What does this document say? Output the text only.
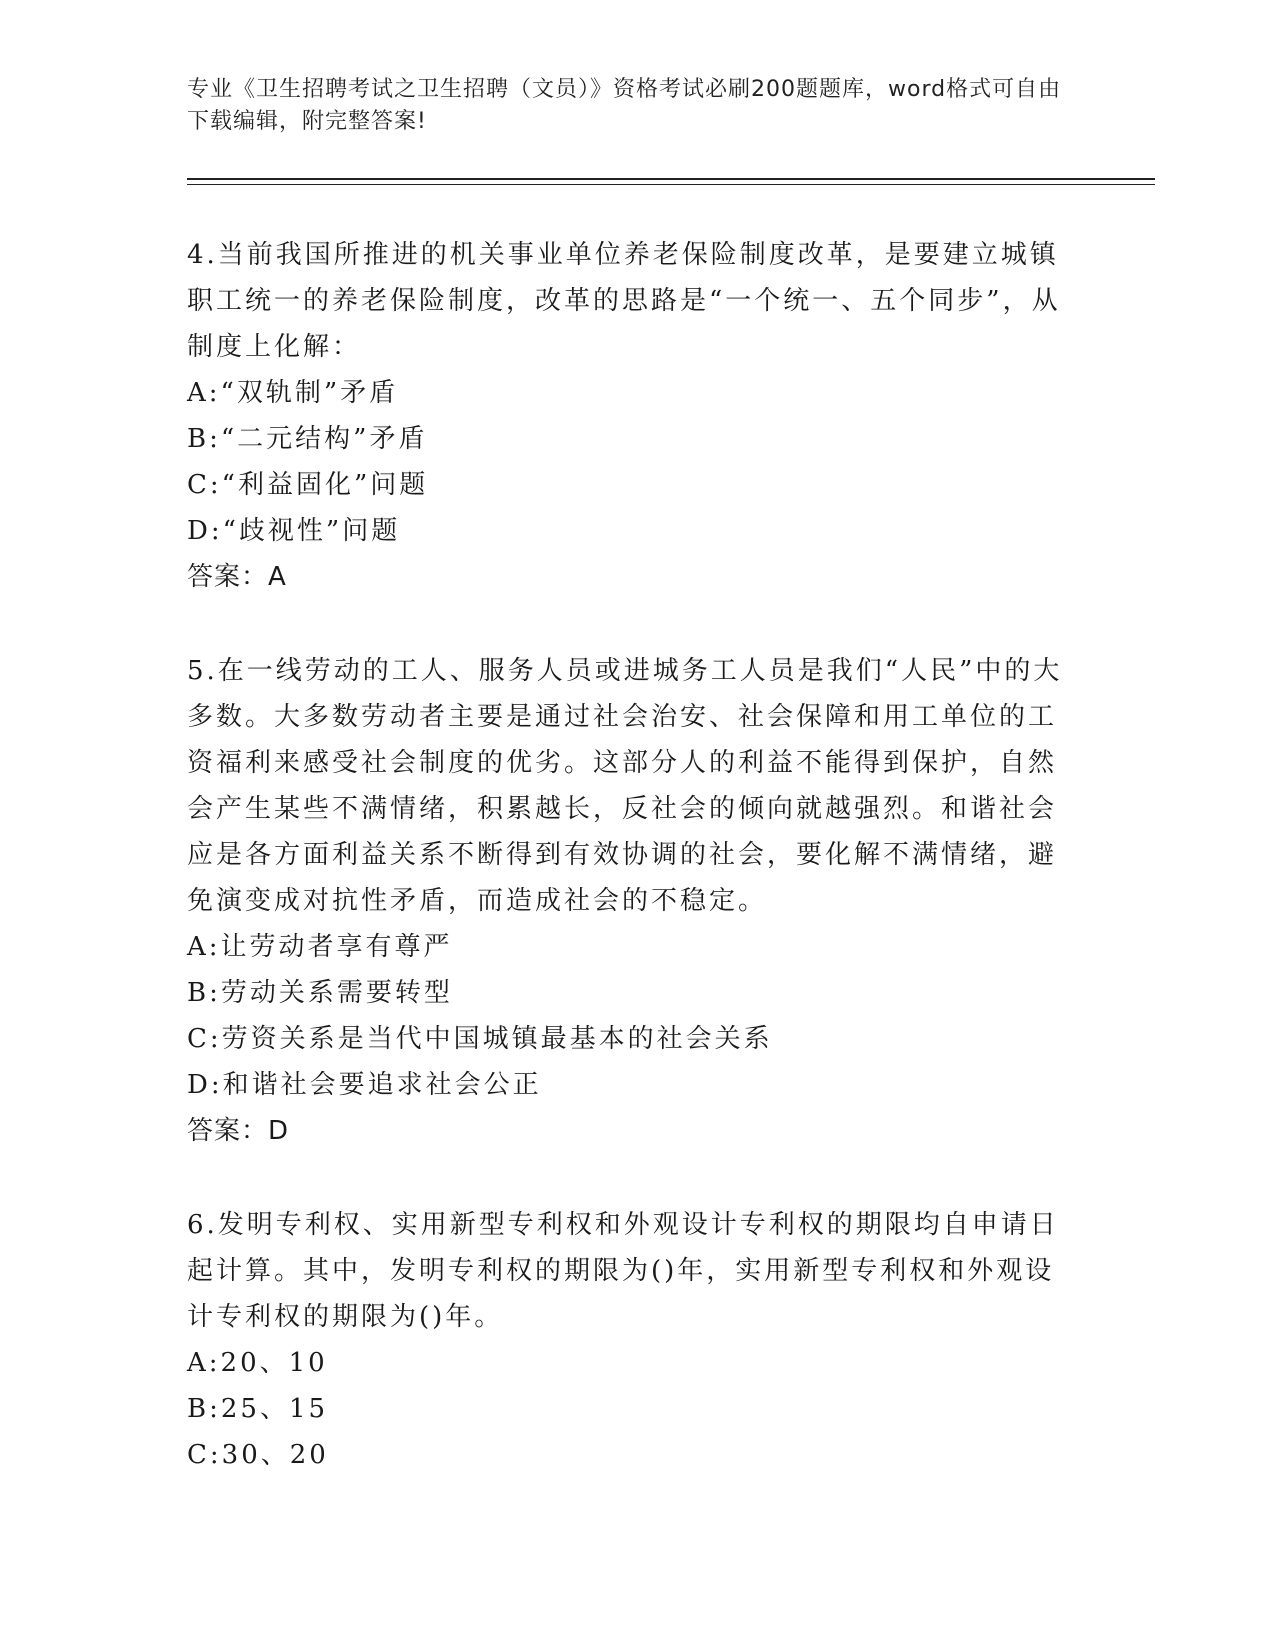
专业《卫生招聘考试之卫生招聘（文员）》资格考试必刷200题题库，word格式可自由下载编辑，附完整答案!

4.当前我国所推进的机关事业单位养老保险制度改革，是要建立城镇职工统一的养老保险制度，改革的思路是“一个统一、五个同步”，从制度上化解：

A:“双轨制”矛盾

B:“二元结构”矛盾

C:“利益固化”问题

D:“歧视性”问题

答案：A

5.在一线劳动的工人、服务人员或进城务工人员是我们“人民”中的大多数。大多数劳动者主要是通过社会治安、社会保障和用工单位的工资福利来感受社会制度的优劣。这部分人的利益不能得到保护，自然会产生某些不满情绪，积累越长，反社会的倾向就越强烈。和谐社会应是各方面利益关系不断得到有效协调的社会，要化解不满情绪，避免演变成对抗性矛盾，而造成社会的不稳定。

A:让劳动者享有尊严

B:劳动关系需要转型

C:劳资关系是当代中国城镇最基本的社会关系

D:和谐社会要追求社会公正

答案：D

6.发明专利权、实用新型专利权和外观设计专利权的期限均自申请日起计算。其中，发明专利权的期限为()年，实用新型专利权和外观设计专利权的期限为()年。

A:20、10

B:25、15

C:30、20
